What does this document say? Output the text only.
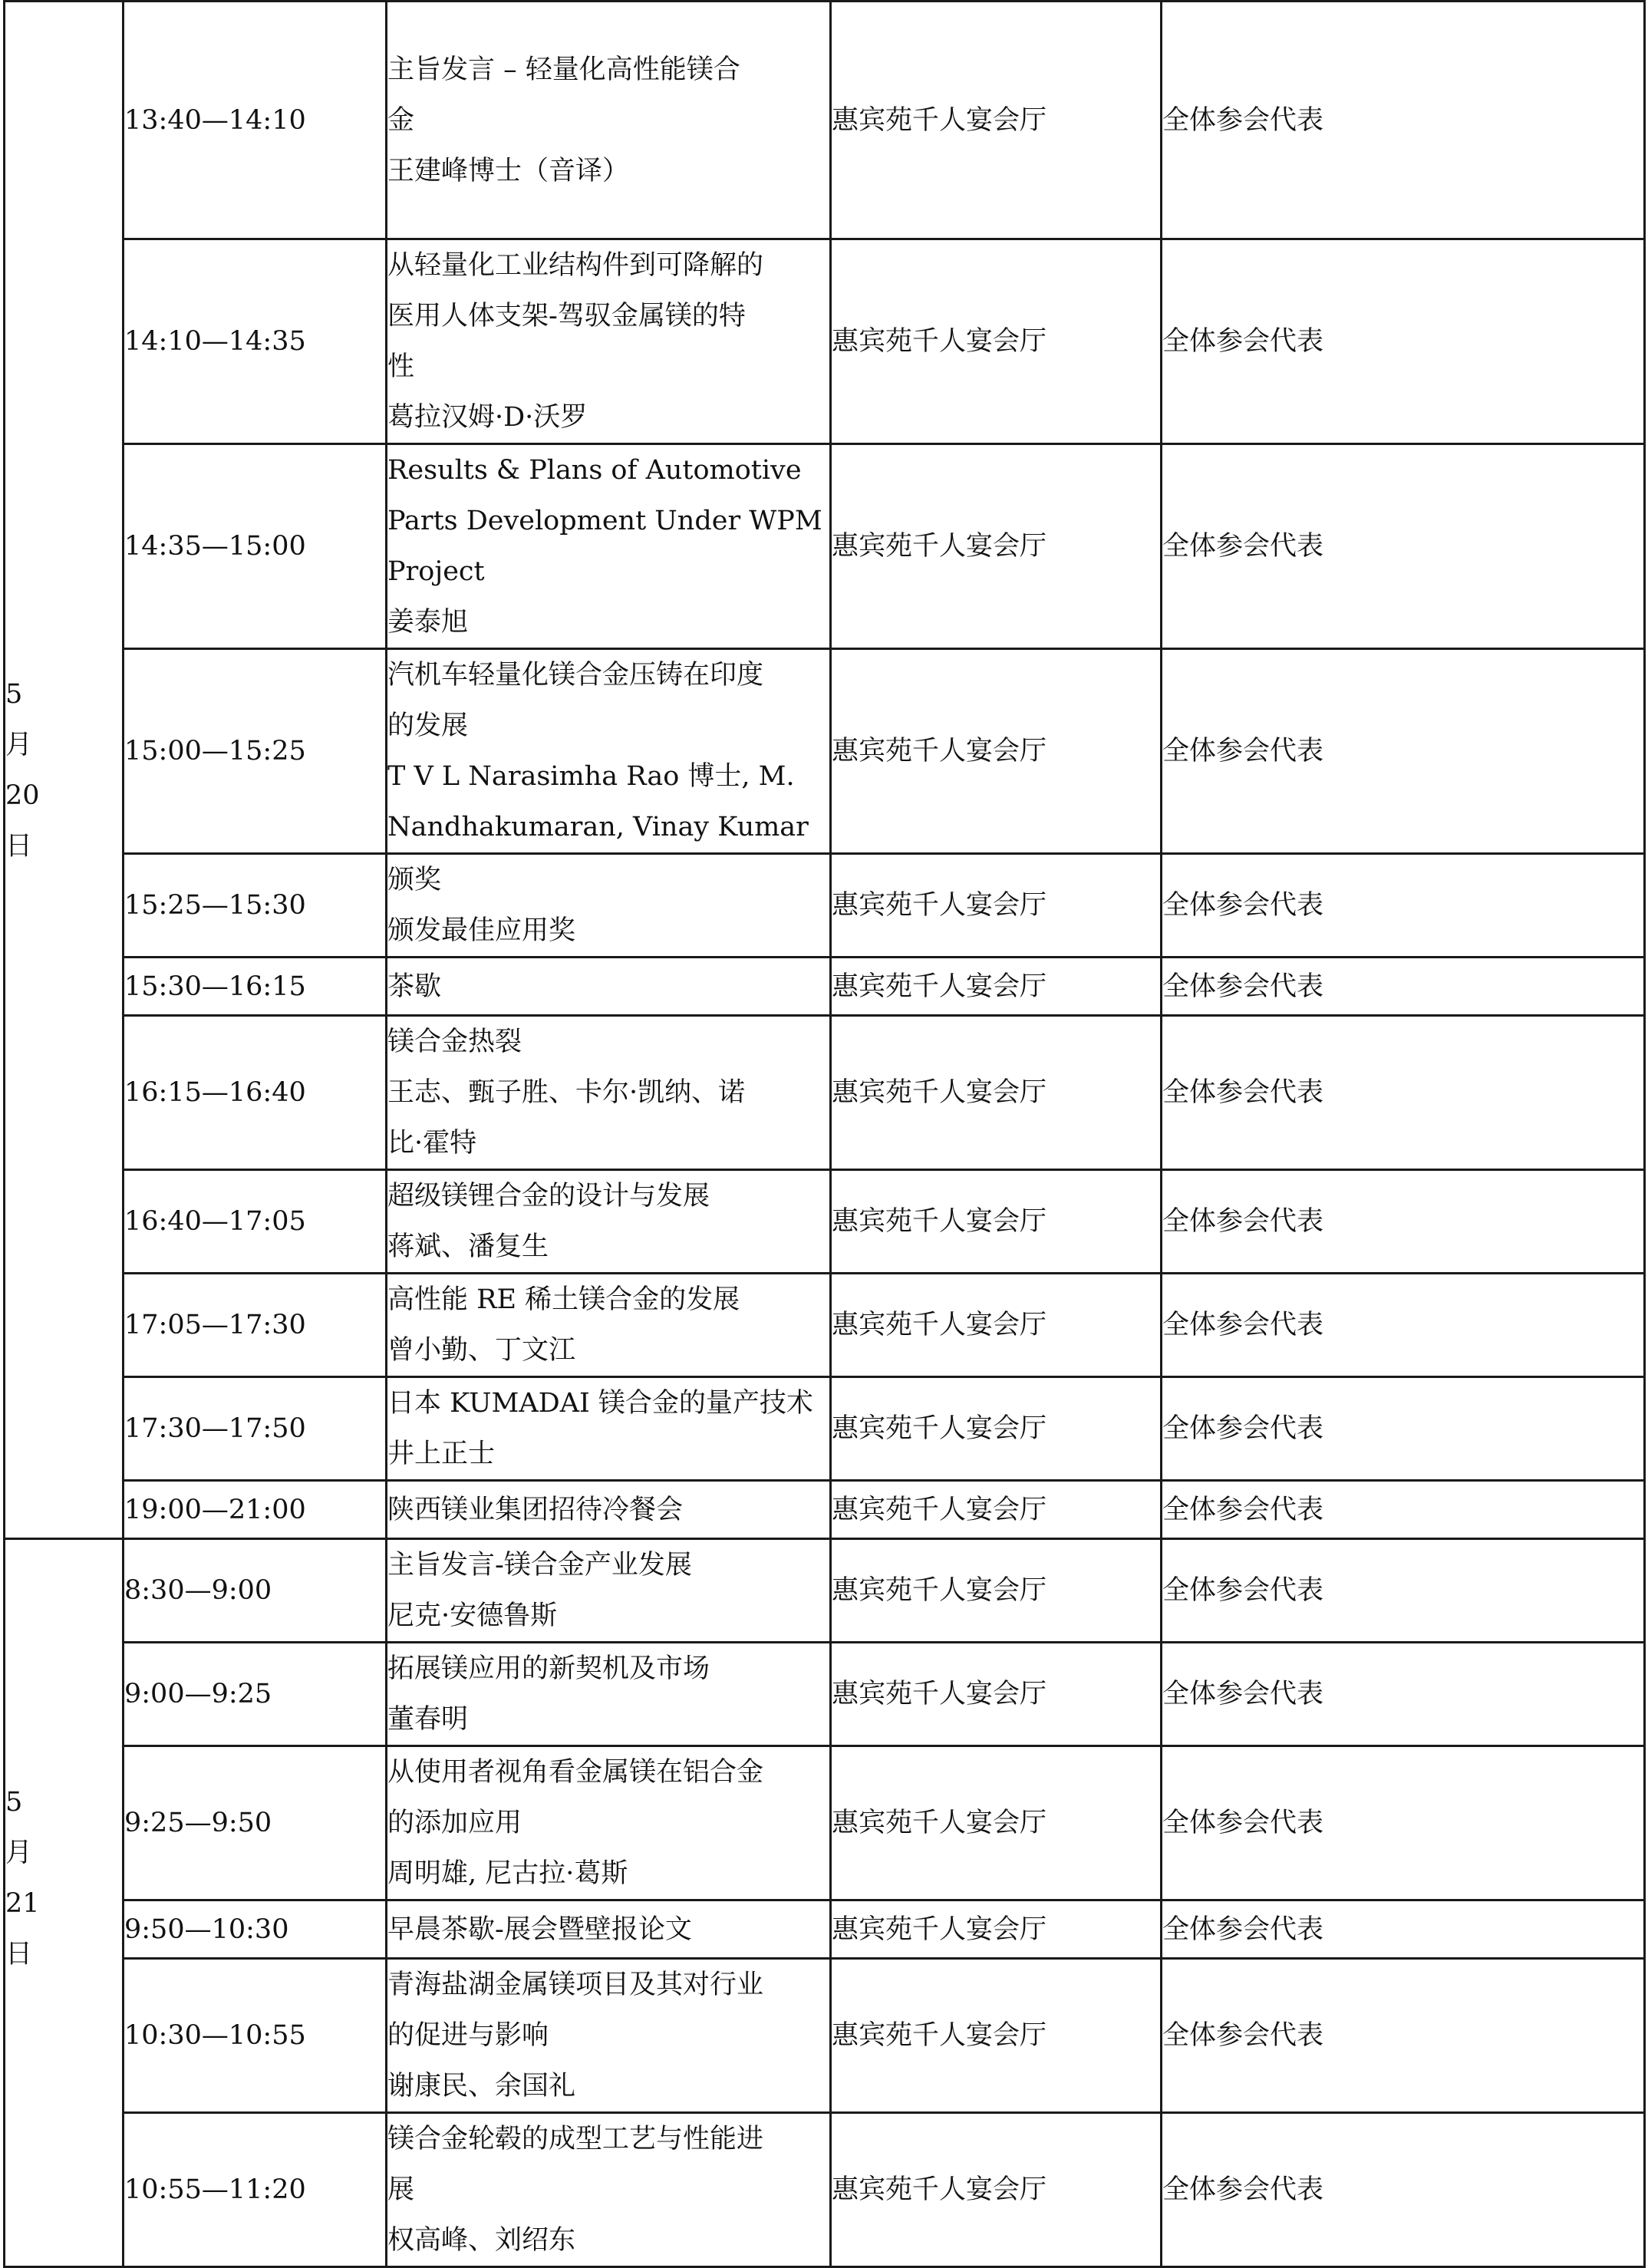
5
月
20
日	13:40—14:10	主旨发言 – 轻量化高性能镁合
金
王建峰博士（音译）	惠宾苑千人宴会厅	全体参会代表
	14:10—14:35	从轻量化工业结构件到可降解的
医用人体支架-驾驭金属镁的特
性
葛拉汉姆·D·沃罗	惠宾苑千人宴会厅	全体参会代表
	14:35—15:00	Results & Plans of Automotive
Parts Development Under WPM
Project
姜泰旭	惠宾苑千人宴会厅	全体参会代表
	15:00—15:25	汽机车轻量化镁合金压铸在印度
的发展
T V L Narasimha Rao 博士, M.
Nandhakumaran, Vinay Kumar	惠宾苑千人宴会厅	全体参会代表
	15:25—15:30	颁奖
颁发最佳应用奖	惠宾苑千人宴会厅	全体参会代表
	15:30—16:15	茶歇	惠宾苑千人宴会厅	全体参会代表
	16:15—16:40	镁合金热裂
王志、甄子胜、卡尔·凯纳、诺
比·霍特	惠宾苑千人宴会厅	全体参会代表
	16:40—17:05	超级镁锂合金的设计与发展
蒋斌、潘复生	惠宾苑千人宴会厅	全体参会代表
	17:05—17:30	高性能 RE 稀土镁合金的发展
曾小勤、丁文江	惠宾苑千人宴会厅	全体参会代表
	17:30—17:50	日本 KUMADAI 镁合金的量产技术
井上正士	惠宾苑千人宴会厅	全体参会代表
	19:00—21:00	陕西镁业集团招待冷餐会	惠宾苑千人宴会厅	全体参会代表

5
月
21
日	8:30—9:00	主旨发言-镁合金产业发展
尼克·安德鲁斯	惠宾苑千人宴会厅	全体参会代表
	9:00—9:25	拓展镁应用的新契机及市场
董春明	惠宾苑千人宴会厅	全体参会代表
	9:25—9:50	从使用者视角看金属镁在铝合金
的添加应用
周明雄, 尼古拉·葛斯	惠宾苑千人宴会厅	全体参会代表
	9:50—10:30	早晨茶歇-展会暨壁报论文	惠宾苑千人宴会厅	全体参会代表
	10:30—10:55	青海盐湖金属镁项目及其对行业
的促进与影响
谢康民、余国礼	惠宾苑千人宴会厅	全体参会代表
	10:55—11:20	镁合金轮毂的成型工艺与性能进
展
权高峰、刘绍东	惠宾苑千人宴会厅	全体参会代表
